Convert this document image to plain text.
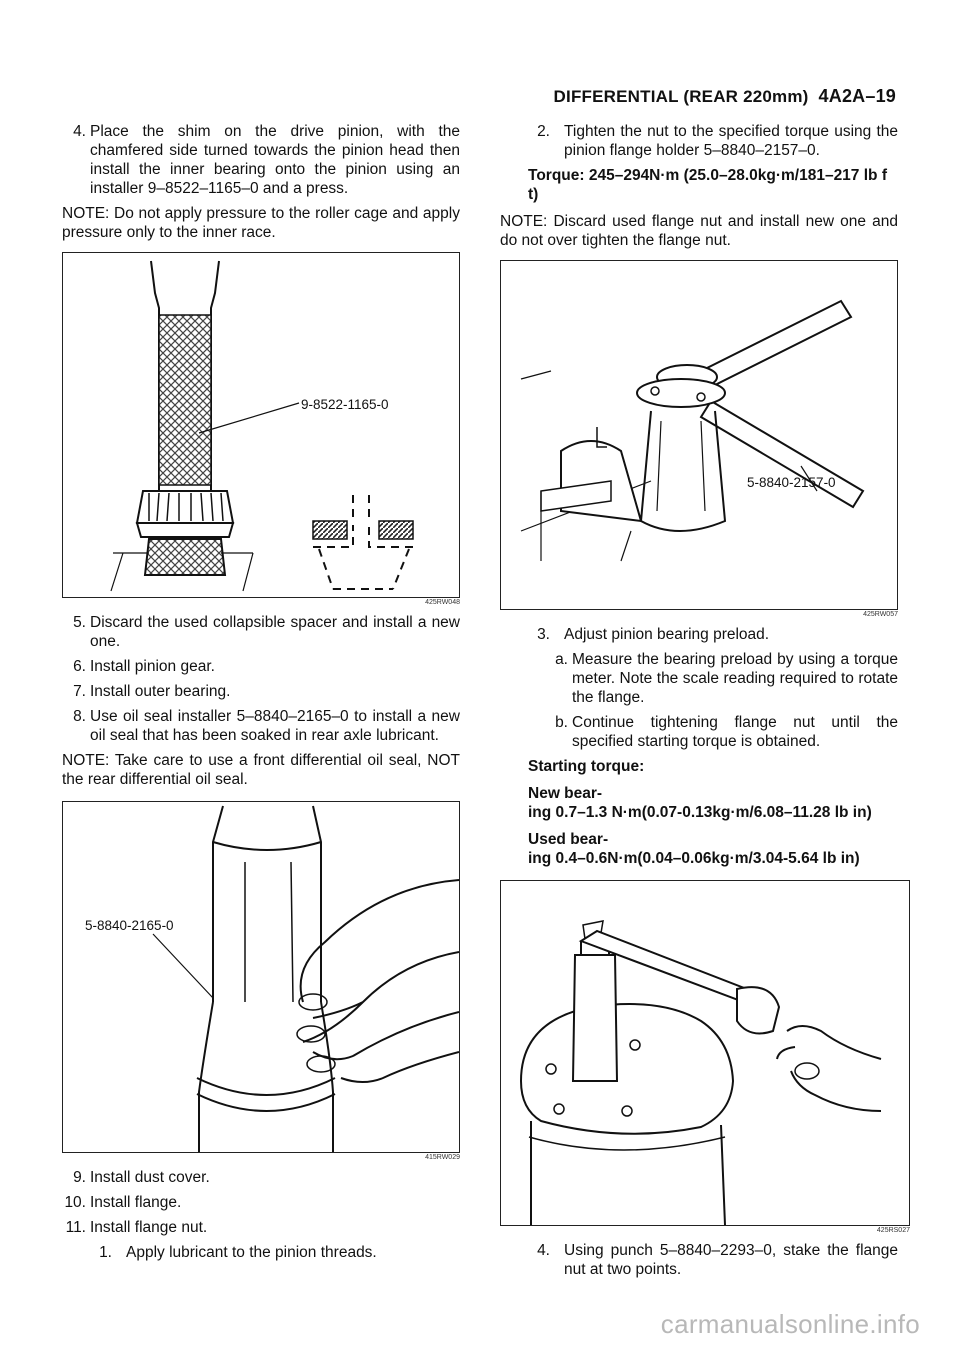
DIFFERENTIAL (REAR 220mm) 4A2A–19
4. Place the shim on the drive pinion, with the chamfered side turned towards the pinion head then install the inner bearing onto the pinion using an installer 9–8522–1165–0 and a press.

NOTE: Do not apply pressure to the roller cage and apply pressure only to the inner race.

9-8522-1165-0
425RW048
5. Discard the used collapsible spacer and install a new one.
6. Install pinion gear.
7. Install outer bearing.
8. Use oil seal installer 5–8840–2165–0 to install a new oil seal that has been soaked in rear axle lubricant.

NOTE: Take care to use a front differential oil seal, NOT the rear differential oil seal.

5-8840-2165-0
415RW029
9. Install dust cover.
10. Install flange.
11. Install flange nut.
1. Apply lubricant to the pinion threads.
2. Tighten the nut to the specified torque using the pinion flange holder 5–8840–2157–0.

Torque: 245–294N·m (25.0–28.0kg·m/181–217 lb f t)

NOTE: Discard used flange nut and install new one and do not over tighten the flange nut.

5-8840-2157-0
425RW057
3. Adjust pinion bearing preload.
a. Measure the bearing preload by using a torque meter. Note the scale reading required to rotate the flange.
b. Continue tightening flange nut until the specified starting torque is obtained.

Starting torque:

New bear-
ing 0.7–1.3 N·m(0.07-0.13kg·m/6.08–11.28 lb in)
Used bear-
ing 0.4–0.6N·m(0.04–0.06kg·m/3.04-5.64 lb in)
425RS027
4. Using punch 5–8840–2293–0, stake the flange nut at two points.
carmanualsonline.info
